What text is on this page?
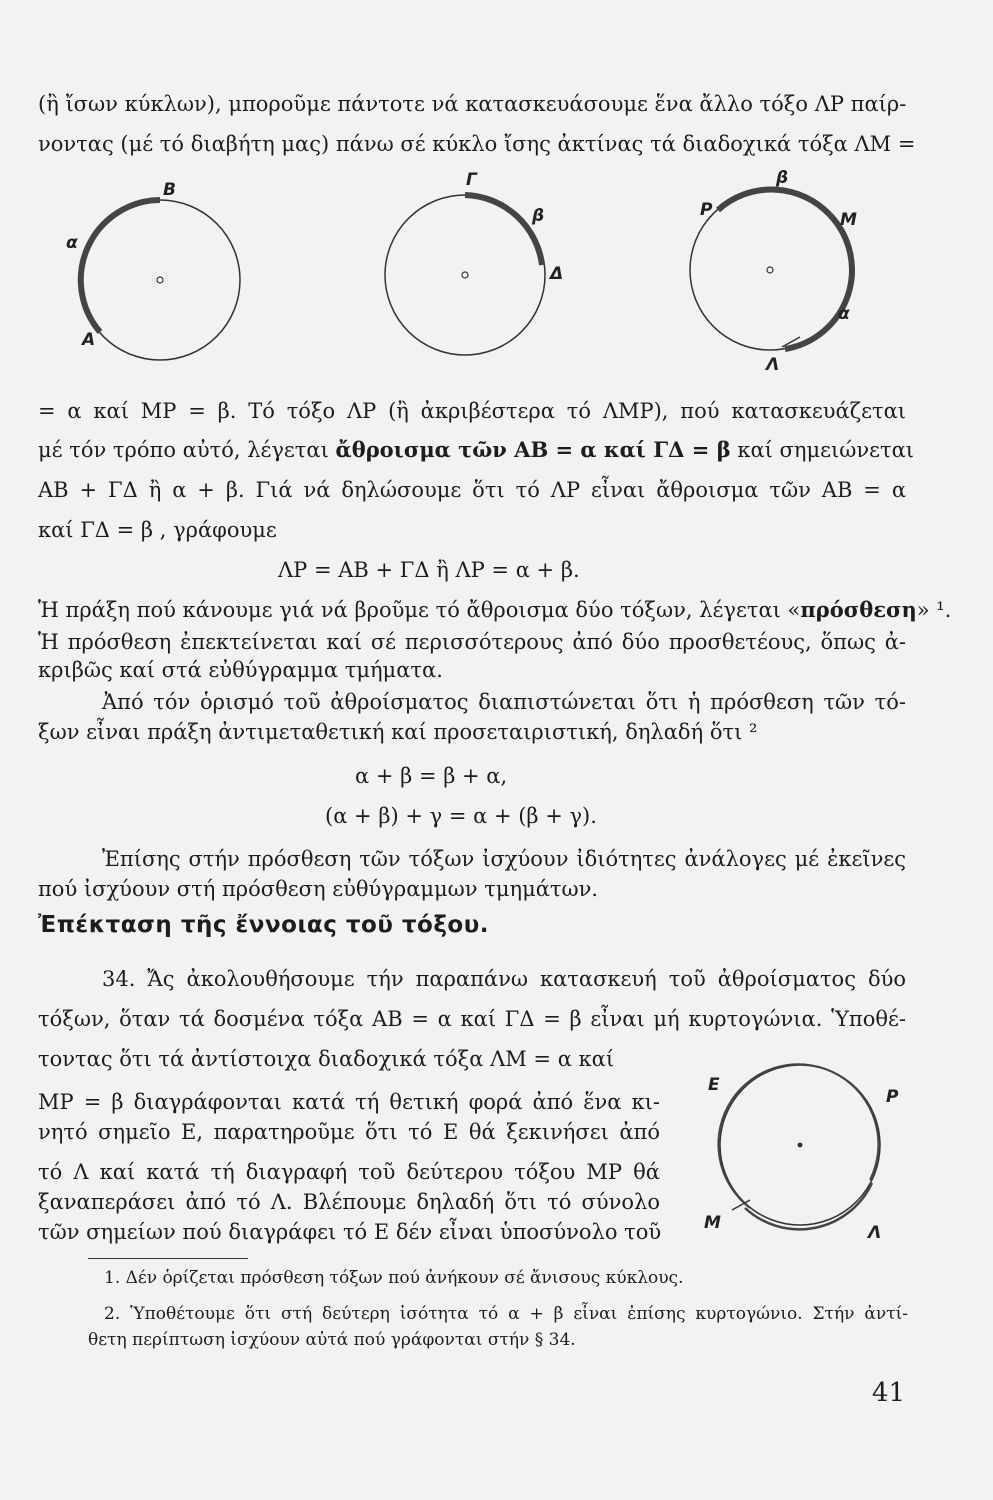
(ἢ ἴσων κύκλων), μποροῦμε πάντοτε νά κατασκευάσουμε ἕνα ἄλλο τόξο ΛΡ παίρ-
νοντας (μέ τό διαβήτη μας) πάνω σέ κύκλο ἴσης ἀκτίνας τά διαδοχικά τόξα ΛΜ =
B
α
A
Γ
β
Δ
β
P	M
α
Λ
= α καί ΜΡ = β. Τό τόξο ΛΡ (ἢ ἀκριβέστερα τό ΛΜΡ), πού κατασκευάζεται
μέ τόν τρόπο αὐτό, λέγεται ἄθροισμα τῶν ΑΒ = α καί ΓΔ = β καί σημειώνεται
ΑΒ + ΓΔ ἢ α + β. Γιά νά δηλώσουμε ὅτι τό ΛΡ εἶναι ἄθροισμα τῶν ΑΒ = α
καί ΓΔ = β , γράφουμε
ΛΡ = ΑΒ + ΓΔ ἢ ΛΡ = α + β.
Ἡ πράξη πού κάνουμε γιά νά βροῦμε τό ἄθροισμα δύο τόξων, λέγεται «πρόσθεση» ¹.
Ἡ πρόσθεση ἐπεκτείνεται καί σέ περισσότερους ἀπό δύο προσθετέους, ὅπως ἀ-
κριβῶς καί στά εὐθύγραμμα τμήματα.
Ἀπό τόν ὁρισμό τοῦ ἀθροίσματος διαπιστώνεται ὅτι ἡ πρόσθεση τῶν τό-
ξων εἶναι πράξη ἀντιμεταθετική καί προσεταιριστική, δηλαδή ὅτι ²
α + β = β + α,
(α + β) + γ = α + (β + γ).
Ἐπίσης στήν πρόσθεση τῶν τόξων ἰσχύουν ἰδιότητες ἀνάλογες μέ ἐκεῖνες
πού ἰσχύουν στή πρόσθεση εὐθύγραμμων τμημάτων.
Ἐπέκταση τῆς ἔννοιας τοῦ τόξου.
34. Ἄς ἀκολουθήσουμε τήν παραπάνω κατασκευή τοῦ ἀθροίσματος δύο
τόξων, ὅταν τά δοσμένα τόξα ΑΒ = α καί ΓΔ = β εἶναι μή κυρτογώνια. Ὑποθέ-
τοντας ὅτι τά ἀντίστοιχα διαδοχικά τόξα ΛΜ = α καί
ΜΡ = β διαγράφονται κατά τή θετική φορά ἀπό ἕνα κι-
νητό σημεῖο Ε, παρατηροῦμε ὅτι τό Ε θά ξεκινήσει ἀπό
τό Λ καί κατά τή διαγραφή τοῦ δεύτερου τόξου ΜΡ θά
ξαναπεράσει ἀπό τό Λ. Βλέπουμε δηλαδή ὅτι τό σύνολο
τῶν σημείων πού διαγράφει τό Ε δέν εἶναι ὑποσύνολο τοῦ
E
P
M	Λ
1. Δέν ὁρίζεται πρόσθεση τόξων πού ἀνήκουν σέ ἄνισους κύκλους.
2. Ὑποθέτουμε ὅτι στή δεύτερη ἰσότητα τό α + β εἶναι ἐπίσης κυρτογώνιο. Στήν ἀντί-
θετη περίπτωση ἰσχύουν αὐτά πού γράφονται στήν § 34.
41
